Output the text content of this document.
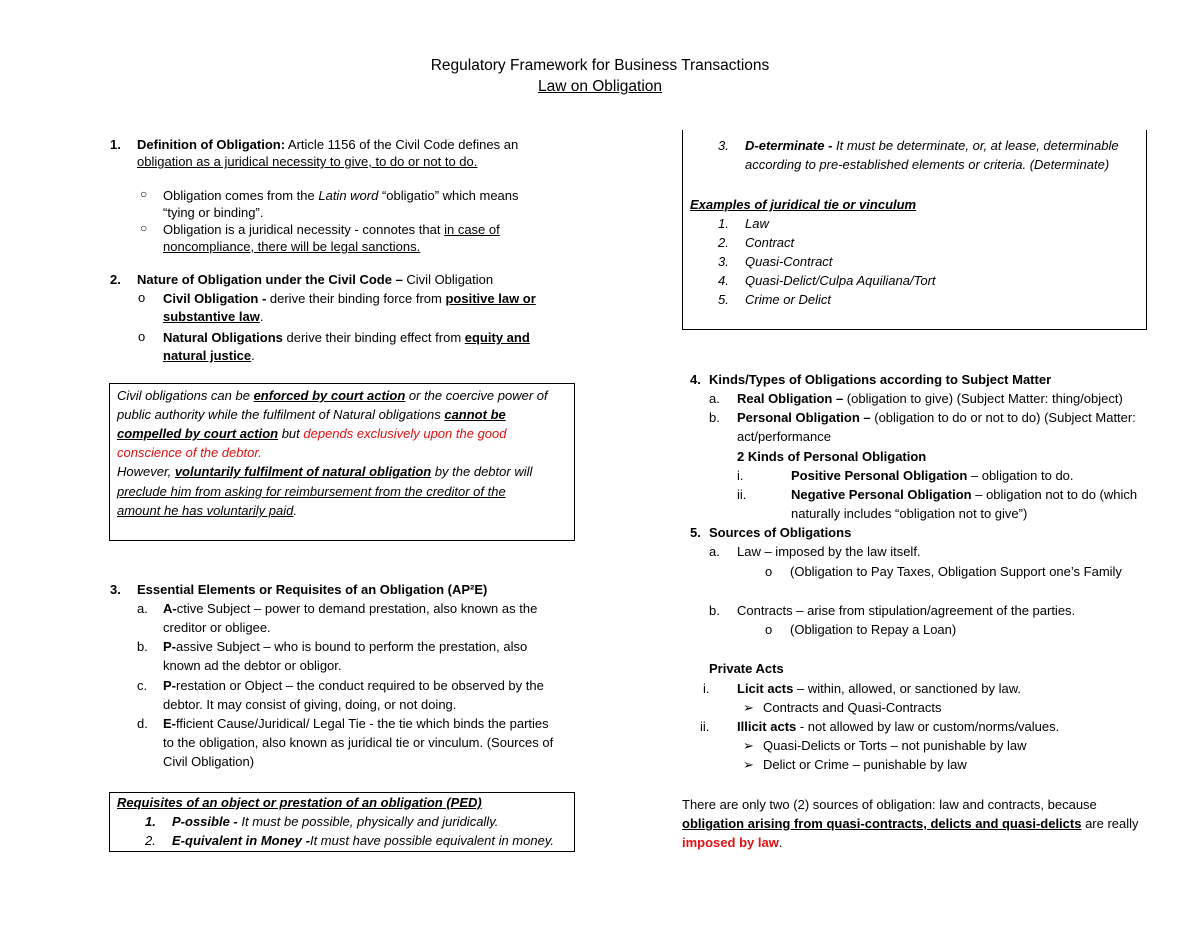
Regulatory Framework for Business Transactions
Law on Obligation
1. Definition of Obligation: Article 1156 of the Civil Code defines an
obligation as a juridical necessity to give, to do or not to do.
○ Obligation comes from the Latin word “obligatio” which means
“tying or binding”.
○ Obligation is a juridical necessity - connotes that in case of
noncompliance, there will be legal sanctions.
2. Nature of Obligation under the Civil Code – Civil Obligation
o Civil Obligation - derive their binding force from positive law or
substantive law.
o Natural Obligations derive their binding effect from equity and
natural justice.
Civil obligations can be enforced by court action or the coercive power of
public authority while the fulfilment of Natural obligations cannot be
compelled by court action but depends exclusively upon the good
conscience of the debtor.
However, voluntarily fulfilment of natural obligation by the debtor will
preclude him from asking for reimbursement from the creditor of the
amount he has voluntarily paid.
3. Essential Elements or Requisites of an Obligation (AP²E)
a. A-ctive Subject – power to demand prestation, also known as the
creditor or obligee.
b. P-assive Subject – who is bound to perform the prestation, also
known ad the debtor or obligor.
c. P-restation or Object – the conduct required to be observed by the
debtor. It may consist of giving, doing, or not doing.
d. E-fficient Cause/Juridical/ Legal Tie - the tie which binds the parties
to the obligation, also known as juridical tie or vinculum. (Sources of
Civil Obligation)
Requisites of an object or prestation of an obligation (PED)
1. P-ossible - It must be possible, physically and juridically.
2. E-quivalent in Money -It must have possible equivalent in money.
3. D-eterminate - It must be determinate, or, at lease, determinable
according to pre-established elements or criteria. (Determinate)
Examples of juridical tie or vinculum
1. Law
2. Contract
3. Quasi-Contract
4. Quasi-Delict/Culpa Aquiliana/Tort
5. Crime or Delict
4. Kinds/Types of Obligations according to Subject Matter
a. Real Obligation – (obligation to give) (Subject Matter: thing/object)
b. Personal Obligation – (obligation to do or not to do) (Subject Matter:
act/performance
2 Kinds of Personal Obligation
i.	Positive Personal Obligation – obligation to do.
ii.	Negative Personal Obligation – obligation not to do (which
naturally includes “obligation not to give”)
5. Sources of Obligations
a. Law – imposed by the law itself.
o (Obligation to Pay Taxes, Obligation Support one’s Family
b. Contracts – arise from stipulation/agreement of the parties.
o (Obligation to Repay a Loan)
Private Acts
i. Licit acts – within, allowed, or sanctioned by law.
➢ Contracts and Quasi-Contracts
ii. Illicit acts - not allowed by law or custom/norms/values.
➢ Quasi-Delicts or Torts – not punishable by law
➢ Delict or Crime – punishable by law
There are only two (2) sources of obligation: law and contracts, because
obligation arising from quasi-contracts, delicts and quasi-delicts are really
imposed by law.
